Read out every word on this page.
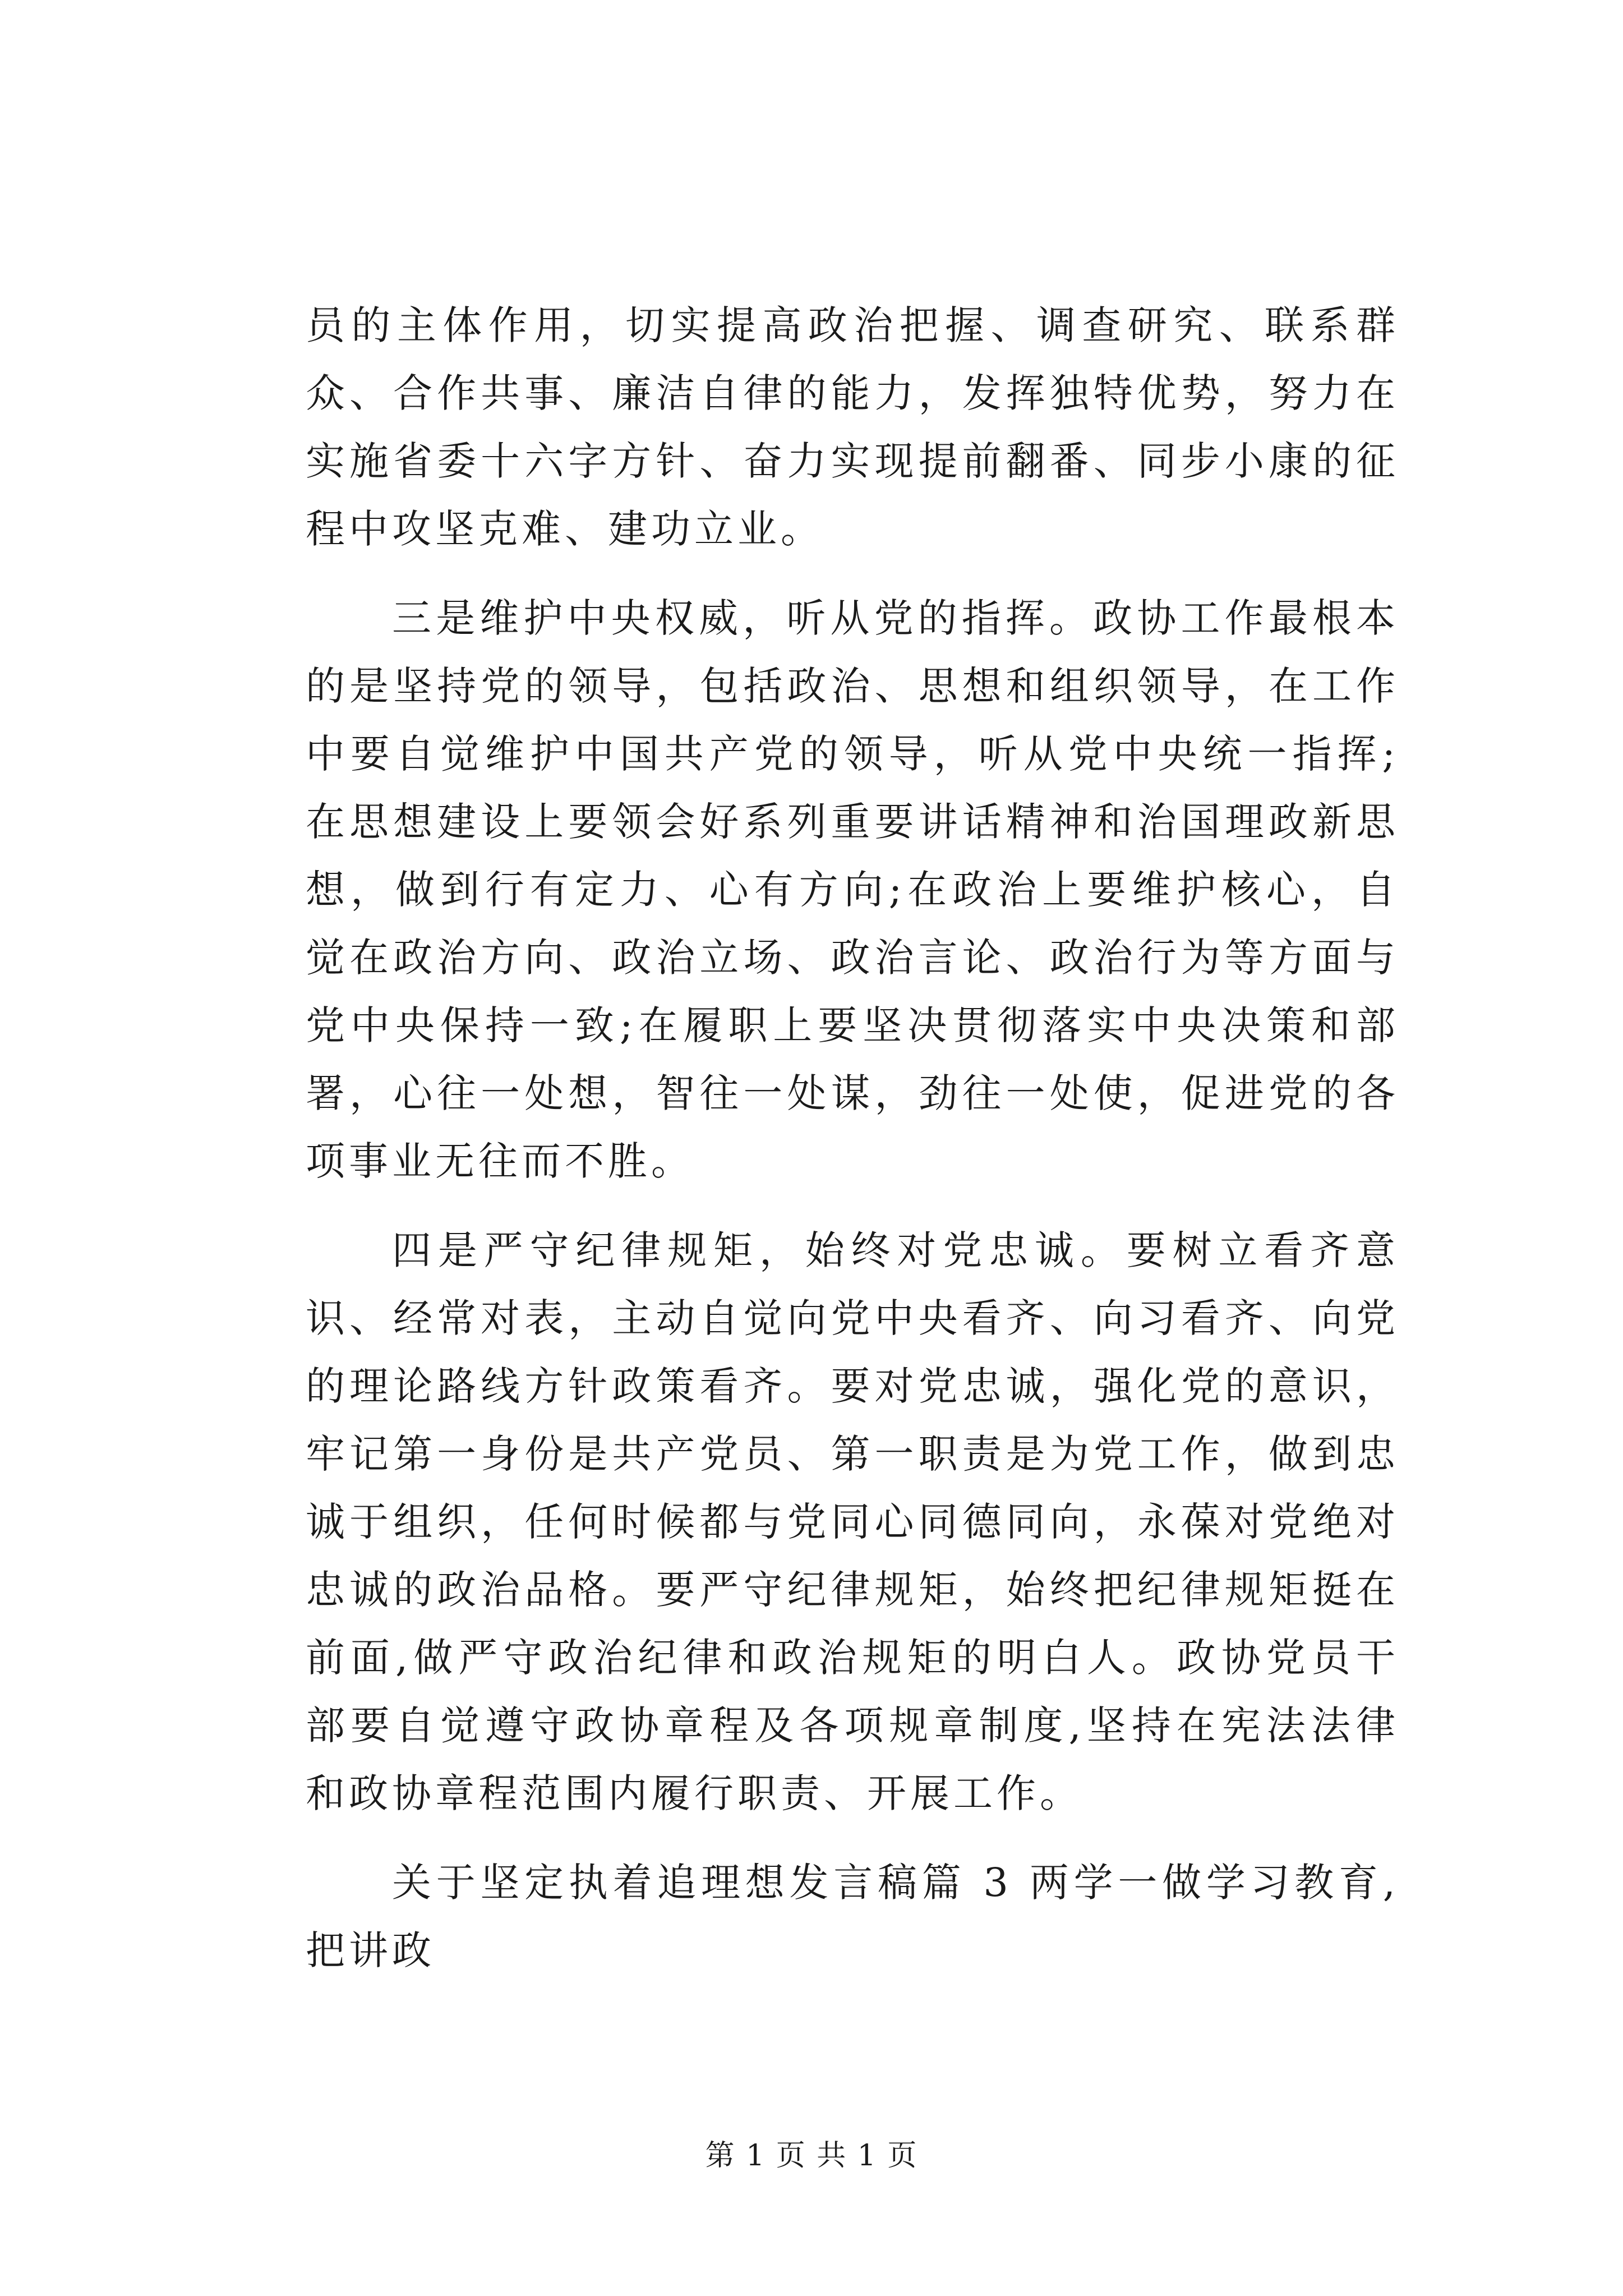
员的主体作用，切实提高政治把握、调查研究、联系群众、合作共事、廉洁自律的能力，发挥独特优势，努力在实施省委十六字方针、奋力实现提前翻番、同步小康的征程中攻坚克难、建功立业。

三是维护中央权威，听从党的指挥。政协工作最根本的是坚持党的领导，包括政治、思想和组织领导，在工作中要自觉维护中国共产党的领导，听从党中央统一指挥;在思想建设上要领会好系列重要讲话精神和治国理政新思想，做到行有定力、心有方向;在政治上要维护核心，自觉在政治方向、政治立场、政治言论、政治行为等方面与党中央保持一致;在履职上要坚决贯彻落实中央决策和部署，心往一处想，智往一处谋，劲往一处使，促进党的各项事业无往而不胜。

四是严守纪律规矩，始终对党忠诚。要树立看齐意识、经常对表，主动自觉向党中央看齐、向习看齐、向党的理论路线方针政策看齐。要对党忠诚，强化党的意识，牢记第一身份是共产党员、第一职责是为党工作，做到忠诚于组织，任何时候都与党同心同德同向，永葆对党绝对忠诚的政治品格。要严守纪律规矩，始终把纪律规矩挺在前面,做严守政治纪律和政治规矩的明白人。政协党员干部要自觉遵守政协章程及各项规章制度,坚持在宪法法律和政协章程范围内履行职责、开展工作。

关于坚定执着追理想发言稿篇 3 两学一做学习教育,把讲政

第 1 页 共 1 页
